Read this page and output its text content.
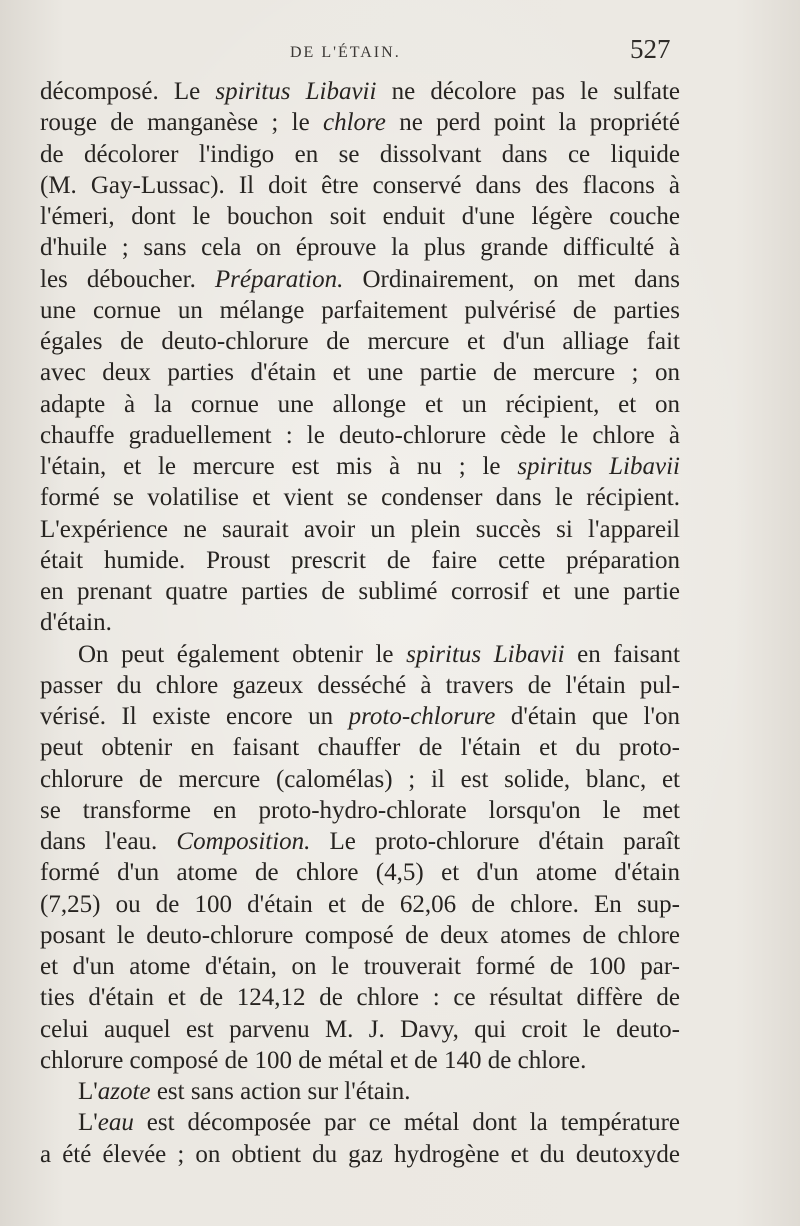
DE L'ÉTAIN.	527
décomposé. Le spiritus Libavii ne décolore pas le sulfate
rouge de manganèse ; le chlore ne perd point la propriété
de décolorer l'indigo en se dissolvant dans ce liquide
(M. Gay-Lussac). Il doit être conservé dans des flacons à
l'émeri, dont le bouchon soit enduit d'une légère couche
d'huile ; sans cela on éprouve la plus grande difficulté à
les déboucher. Préparation. Ordinairement, on met dans
une cornue un mélange parfaitement pulvérisé de parties
égales de deuto-chlorure de mercure et d'un alliage fait
avec deux parties d'étain et une partie de mercure ; on
adapte à la cornue une allonge et un récipient, et on
chauffe graduellement : le deuto-chlorure cède le chlore à
l'étain, et le mercure est mis à nu ; le spiritus Libavii
formé se volatilise et vient se condenser dans le récipient.
L'expérience ne saurait avoir un plein succès si l'appareil
était humide. Proust prescrit de faire cette préparation
en prenant quatre parties de sublimé corrosif et une partie
d'étain.
On peut également obtenir le spiritus Libavii en faisant
passer du chlore gazeux desséché à travers de l'étain pul-
vérisé. Il existe encore un proto-chlorure d'étain que l'on
peut obtenir en faisant chauffer de l'étain et du proto-
chlorure de mercure (calomélas) ; il est solide, blanc, et
se transforme en proto-hydro-chlorate lorsqu'on le met
dans l'eau. Composition. Le proto-chlorure d'étain paraît
formé d'un atome de chlore (4,5) et d'un atome d'étain
(7,25) ou de 100 d'étain et de 62,06 de chlore. En sup-
posant le deuto-chlorure composé de deux atomes de chlore
et d'un atome d'étain, on le trouverait formé de 100 par-
ties d'étain et de 124,12 de chlore : ce résultat diffère de
celui auquel est parvenu M. J. Davy, qui croit le deuto-
chlorure composé de 100 de métal et de 140 de chlore.
L'azote est sans action sur l'étain.
L'eau est décomposée par ce métal dont la température
a été élevée ; on obtient du gaz hydrogène et du deutoxyde
